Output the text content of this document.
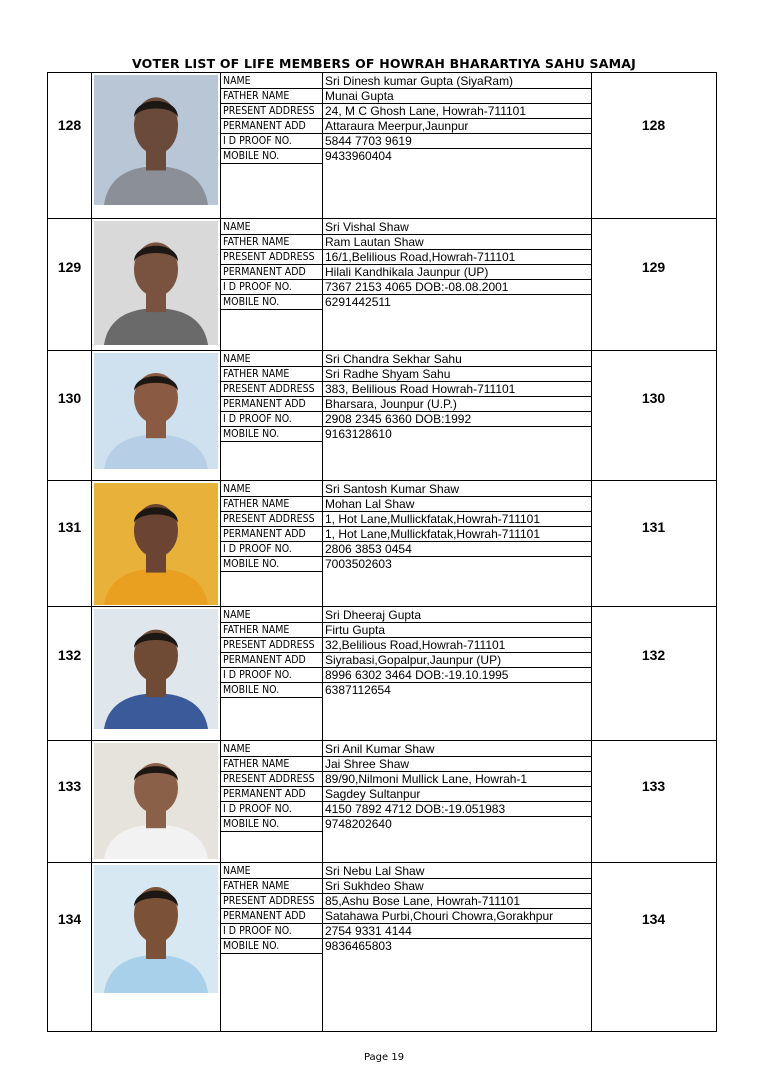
VOTER LIST OF LIFE MEMBERS OF HOWRAH BHARARTIYA SAHU SAMAJ
128	128
NAME	Sri Dinesh kumar Gupta (SiyaRam)
FATHER NAME	Munai Gupta
PRESENT ADDRESS 24, M C Ghosh Lane, Howrah-711101
PERMANENT ADD Attaraura Meerpur,Jaunpur
I D PROOF NO.	5844 7703 9619
MOBILE NO.	9433960404
129	129
NAME	Sri Vishal Shaw
FATHER NAME	Ram Lautan Shaw
PRESENT ADDRESS 16/1,Belilious Road,Howrah-711101
PERMANENT ADD Hilali Kandhikala Jaunpur (UP)
I D PROOF NO.	7367 2153 4065 DOB:-08.08.2001
MOBILE NO.	6291442511
130	130
NAME	Sri Chandra Sekhar Sahu
FATHER NAME	Sri Radhe Shyam Sahu
PRESENT ADDRESS 383, Belilious Road Howrah-711101
PERMANENT ADD Bharsara, Jounpur (U.P.)
I D PROOF NO.	2908 2345 6360 DOB:1992
MOBILE NO.	9163128610
131	131
NAME	Sri Santosh Kumar Shaw
FATHER NAME	Mohan Lal Shaw
PRESENT ADDRESS 1, Hot Lane,Mullickfatak,Howrah-711101
PERMANENT ADD 1, Hot Lane,Mullickfatak,Howrah-711101
I D PROOF NO.	2806 3853 0454
MOBILE NO.	7003502603
132	132
NAME	Sri Dheeraj Gupta
FATHER NAME	Firtu Gupta
PRESENT ADDRESS 32,Belilious Road,Howrah-711101
PERMANENT ADD Siyrabasi,Gopalpur,Jaunpur (UP)
I D PROOF NO.	8996 6302 3464 DOB:-19.10.1995
MOBILE NO.	6387112654
133	133
NAME	Sri Anil Kumar Shaw
FATHER NAME	Jai Shree Shaw
PRESENT ADDRESS 89/90,Nilmoni Mullick Lane, Howrah-1
PERMANENT ADD Sagdey Sultanpur
I D PROOF NO.	4150 7892 4712 DOB:-19.051983
MOBILE NO.	9748202640
134	134
NAME	Sri Nebu Lal Shaw
FATHER NAME	Sri Sukhdeo Shaw
PRESENT ADDRESS 85,Ashu Bose Lane, Howrah-711101
PERMANENT ADD Satahawa Purbi,Chouri Chowra,Gorakhpur
I D PROOF NO.	2754 9331 4144
MOBILE NO.	9836465803
Page 19
